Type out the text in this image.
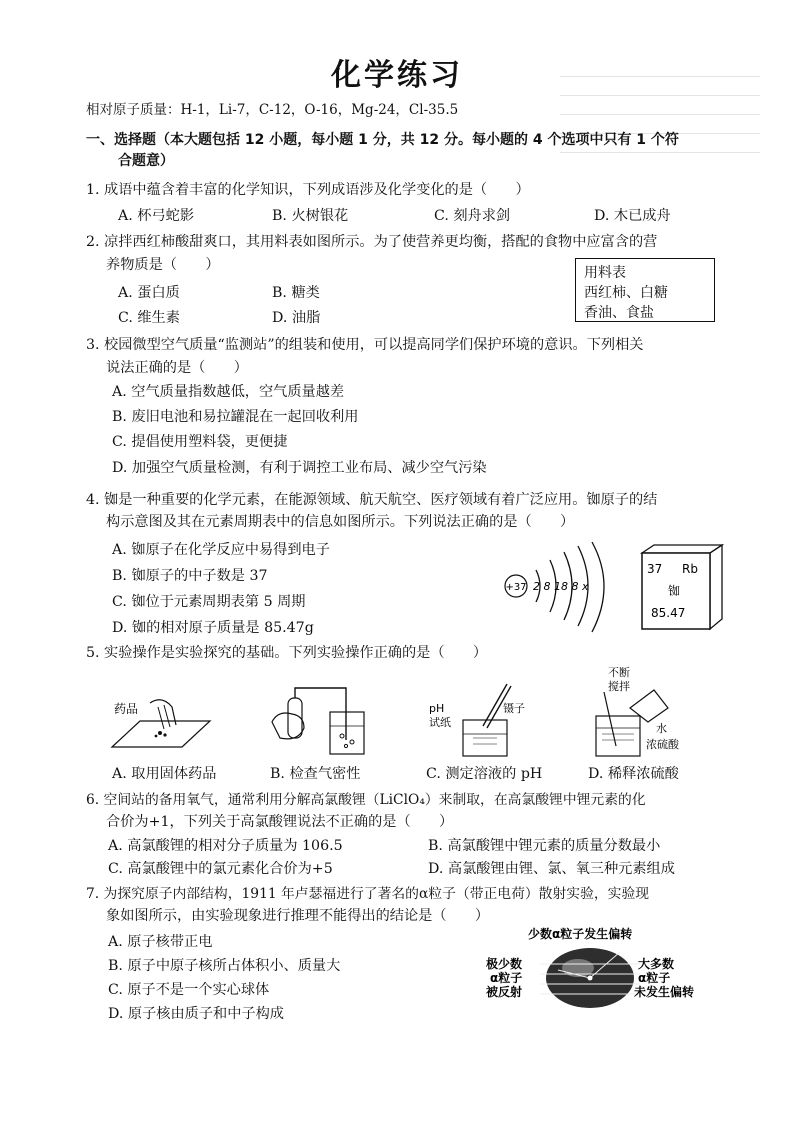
化学练习
相对原子质量：H-1，Li-7，C-12，O-16，Mg-24，Cl-35.5
一、选择题（本大题包括 12 小题，每小题 1 分，共 12 分。每小题的 4 个选项中只有 1 个符
合题意）
1. 成语中蕴含着丰富的化学知识，下列成语涉及化学变化的是（　　）
A. 杯弓蛇影	B. 火树银花	C. 刻舟求剑	D. 木已成舟
2. 凉拌西红柿酸甜爽口，其用料表如图所示。为了使营养更均衡，搭配的食物中应富含的营
养物质是（　　）
A. 蛋白质	B. 糖类
C. 维生素	D. 油脂
用料表
西红柿、白糖
香油、食盐
3. 校园微型空气质量“监测站”的组装和使用，可以提高同学们保护环境的意识。下列相关
说法正确的是（　　）
A. 空气质量指数越低，空气质量越差
B. 废旧电池和易拉罐混在一起回收利用
C. 提倡使用塑料袋，更便捷
D. 加强空气质量检测，有利于调控工业布局、减少空气污染
4. 铷是一种重要的化学元素，在能源领域、航天航空、医疗领域有着广泛应用。铷原子的结
构示意图及其在元素周期表中的信息如图所示。下列说法正确的是（　　）
A. 铷原子在化学反应中易得到电子
B. 铷原子的中子数是 37
C. 铷位于元素周期表第 5 周期
D. 铷的相对原子质量是 85.47g
+37 2 8 18 8 x
37 Rb
铷
85.47
5. 实验操作是实验探究的基础。下列实验操作正确的是（　　）
药品	pH
试纸
镊子
不断
搅拌
水
浓硫酸
A. 取用固体药品	B. 检查气密性	C. 测定溶液的 pH	D. 稀释浓硫酸
6. 空间站的备用氧气，通常利用分解高氯酸锂（LiClO₄）来制取，在高氯酸锂中锂元素的化
合价为+1，下列关于高氯酸锂说法不正确的是（　　）
A. 高氯酸锂的相对分子质量为 106.5	B. 高氯酸锂中锂元素的质量分数最小
C. 高氯酸锂中的氯元素化合价为+5	D. 高氯酸锂由锂、氯、氧三种元素组成
7. 为探究原子内部结构，1911 年卢瑟福进行了著名的α粒子（带正电荷）散射实验，实验现
象如图所示，由实验现象进行推理不能得出的结论是（　　）
A. 原子核带正电
B. 原子中原子核所占体积小、质量大
C. 原子不是一个实心球体
D. 原子核由质子和中子构成
少数α粒子发生偏转
极少数
α粒子
被反射
大多数
α粒子
未发生偏转
